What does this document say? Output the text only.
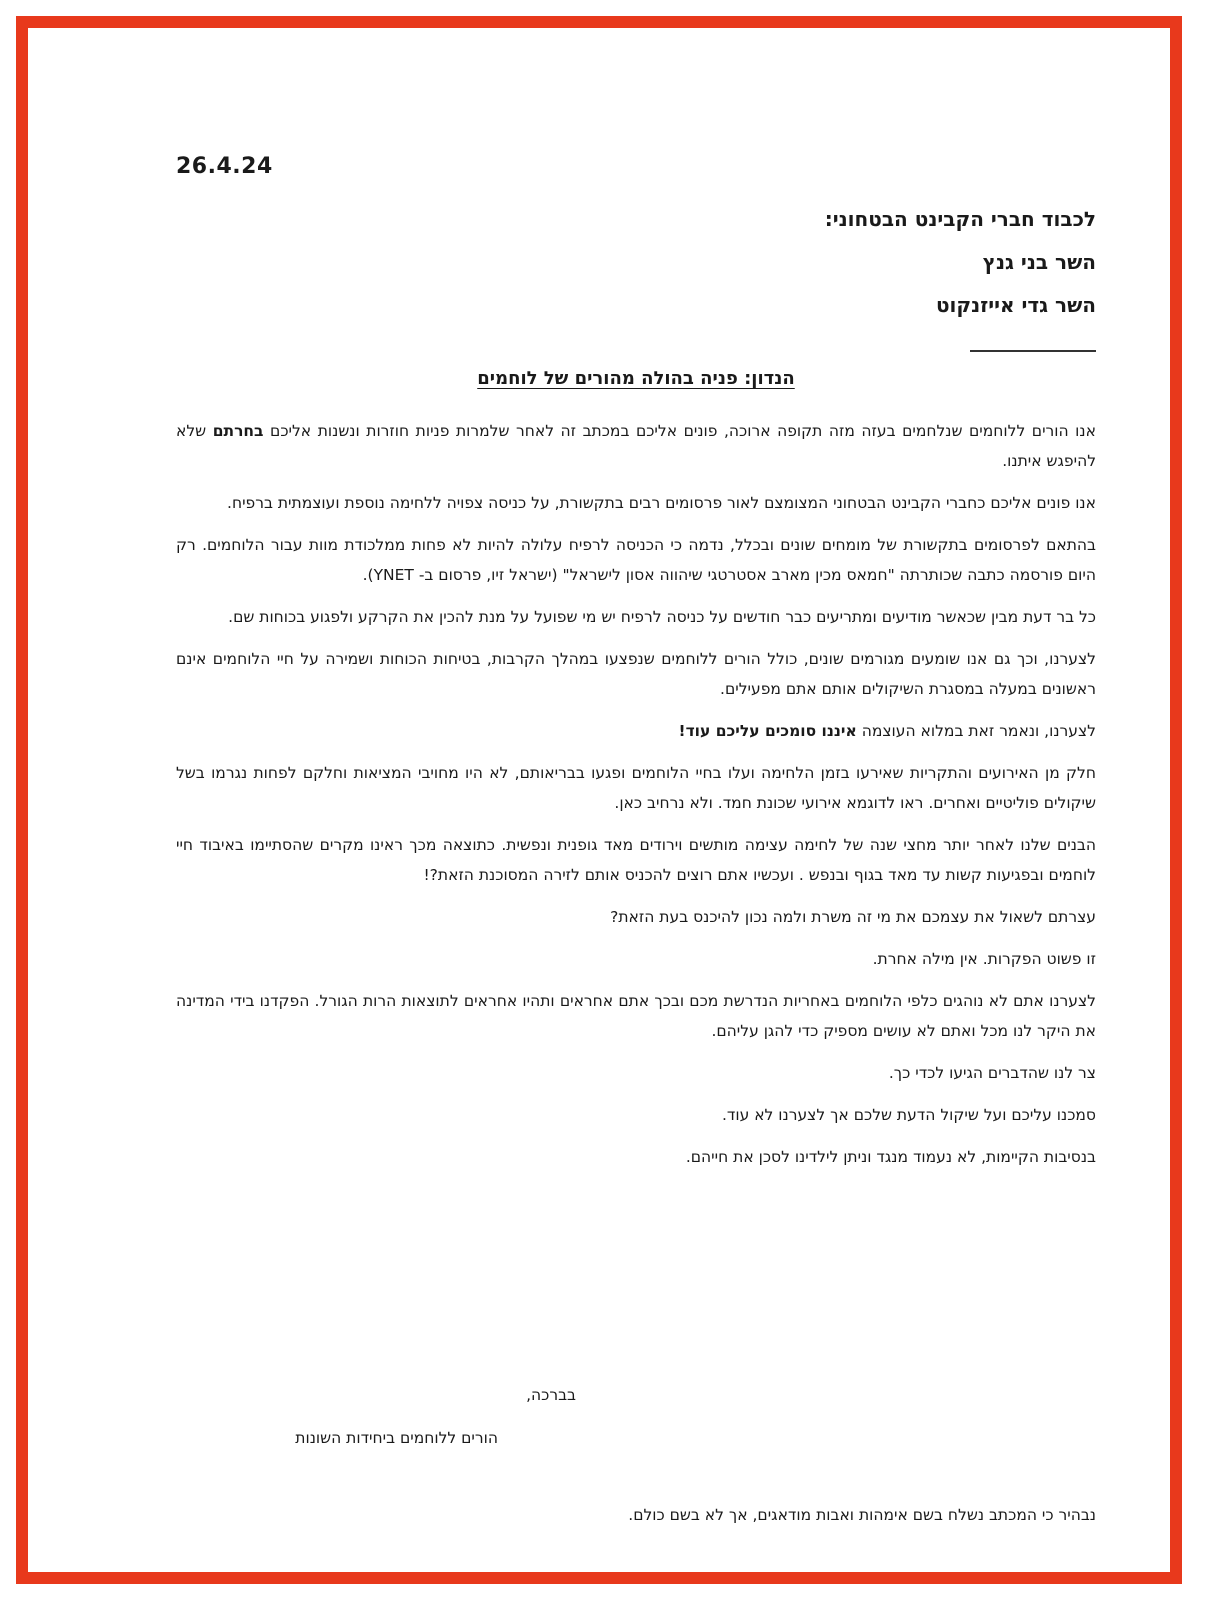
26.4.24
לכבוד חברי הקבינט הבטחוני:
השר בני גנץ
השר גדי אייזנקוט
הנדון: פניה בהולה מהורים של לוחמים

אנו הורים ללוחמים שנלחמים בעזה מזה תקופה ארוכה, פונים אליכם במכתב זה לאחר שלמרות פניות חוזרות ונשנות אליכם בחרתם שלא להיפגש איתנו.

אנו פונים אליכם כחברי הקבינט הבטחוני המצומצם לאור פרסומים רבים בתקשורת, על כניסה צפויה ללחימה נוספת ועוצמתית ברפיח.

בהתאם לפרסומים בתקשורת של מומחים שונים ובכלל, נדמה כי הכניסה לרפיח עלולה להיות לא פחות ממלכודת מוות עבור הלוחמים. רק היום פורסמה כתבה שכותרתה "חמאס מכין מארב אסטרטגי שיהווה אסון לישראל" (ישראל זיו, פרסום ב- YNET).

כל בר דעת מבין שכאשר מודיעים ומתריעים כבר חודשים על כניסה לרפיח יש מי שפועל על מנת להכין את הקרקע ולפגוע בכוחות שם.

לצערנו, וכך גם אנו שומעים מגורמים שונים, כולל הורים ללוחמים שנפצעו במהלך הקרבות, בטיחות הכוחות ושמירה על חיי הלוחמים אינם ראשונים במעלה במסגרת השיקולים אותם אתם מפעילים.

לצערנו, ונאמר זאת במלוא העוצמה איננו סומכים עליכם עוד!

חלק מן האירועים והתקריות שאירעו בזמן הלחימה ועלו בחיי הלוחמים ופגעו בבריאותם, לא היו מחויבי המציאות וחלקם לפחות נגרמו בשל שיקולים פוליטיים ואחרים. ראו לדוגמא אירועי שכונת חמד. ולא נרחיב כאן.

הבנים שלנו לאחר יותר מחצי שנה של לחימה עצימה מותשים וירודים מאד גופנית ונפשית. כתוצאה מכך ראינו מקרים שהסתיימו באיבוד חיי לוחמים ובפגיעות קשות עד מאד בגוף ובנפש . ועכשיו אתם רוצים להכניס אותם לזירה המסוכנת הזאת?!

עצרתם לשאול את עצמכם את מי זה משרת ולמה נכון להיכנס בעת הזאת?

זו פשוט הפקרות. אין מילה אחרת.

לצערנו אתם לא נוהגים כלפי הלוחמים באחריות הנדרשת מכם ובכך אתם אחראים ותהיו אחראים לתוצאות הרות הגורל. הפקדנו בידי המדינה את היקר לנו מכל ואתם לא עושים מספיק כדי להגן עליהם.

צר לנו שהדברים הגיעו לכדי כך.

סמכנו עליכם ועל שיקול הדעת שלכם אך לצערנו לא עוד.

בנסיבות הקיימות, לא נעמוד מנגד וניתן לילדינו לסכן את חייהם.

בברכה,
הורים ללוחמים ביחידות השונות
נבהיר כי המכתב נשלח בשם אימהות ואבות מודאגים, אך לא בשם כולם.
